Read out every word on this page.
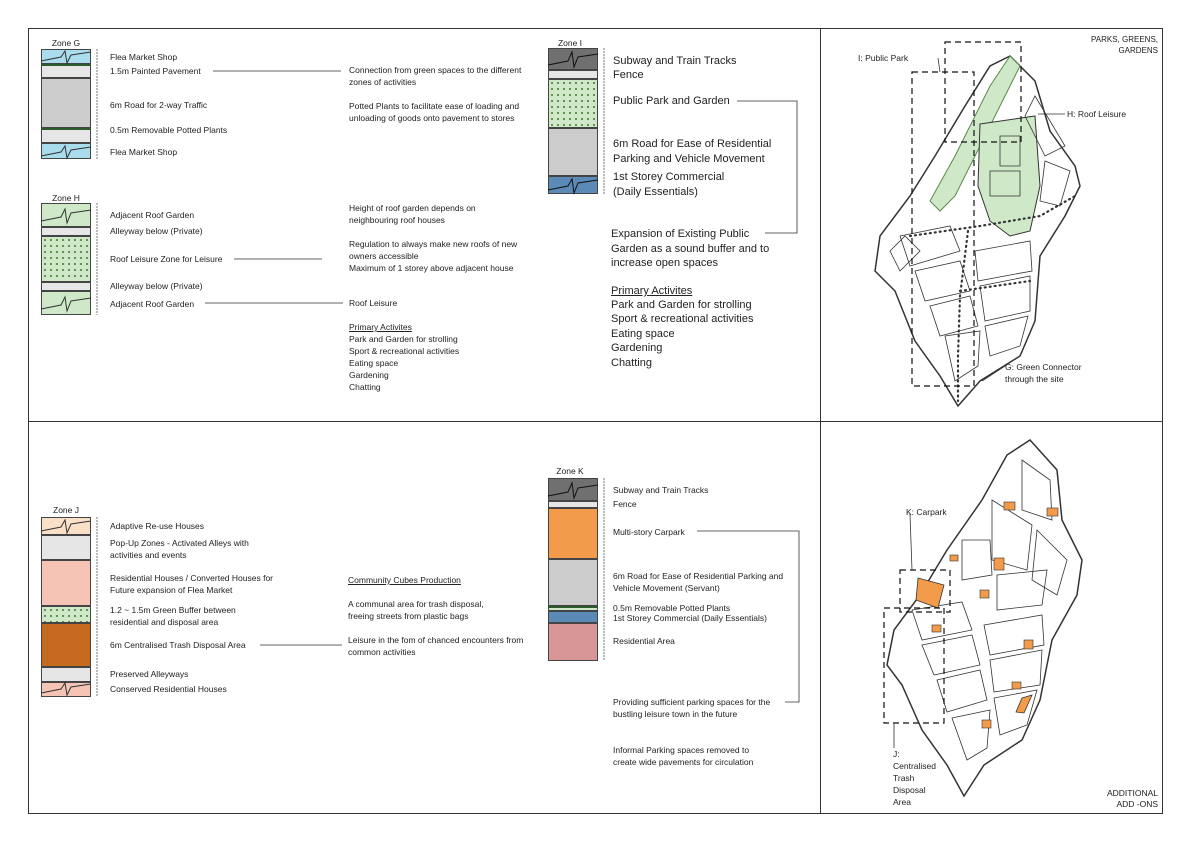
PARKS, GREENS,
GARDENS
ADDITIONAL
ADD -ONS
Zone G
Flea Market Shop
1.5m Painted Pavement
6m Road for 2-way Traffic
0.5m Removable Potted Plants
Flea Market Shop
Connection from green spaces to the different zones of activities
Potted Plants to facilitate ease of loading and unloading of goods onto pavement to stores
Zone H
Adjacent Roof Garden
Alleyway below (Private)
Roof Leisure Zone for Leisure
Alleyway below (Private)
Adjacent Roof Garden
Height of roof garden depends on neighbouring roof houses
Regulation to always make new roofs of new owners accessible
Maximum of 1 storey above adjacent house
Roof Leisure
Primary Activites
Park and Garden for strolling
Sport & recreational activities
Eating space
Gardening
Chatting
Zone I
Subway and Train Tracks
Fence
Public Park and Garden
6m Road for Ease of Residential Parking and Vehicle Movement
1st Storey Commercial (Daily Essentials)
Expansion of Existing Public Garden as a sound buffer and to increase open spaces
Primary Activites
Park and Garden for strolling
Sport & recreational activities
Eating space
Gardening
Chatting
I: Public Park
H: Roof Leisure
G: Green Connector through the site
Zone J
Adaptive Re-use Houses
Pop-Up Zones - Activated Alleys with activities and events
Residential Houses / Converted Houses for Future expansion of Flea Market
1.2 ~ 1.5m Green Buffer between residential and disposal area
6m Centralised Trash Disposal Area
Preserved Alleyways
Conserved Residential Houses
Community Cubes Production
A communal area for trash disposal, freeing streets from plastic bags
Leisure in the fom of chanced encounters from common activities
Zone K
Subway and Train Tracks
Fence
Multi-story Carpark
6m Road for Ease of Residential Parking and Vehicle Movement (Servant)
0.5m Removable Potted Plants
1st Storey Commercial (Daily Essentials)
Residential Area
Providing sufficient parking spaces for the bustling leisure town in the future
Informal Parking spaces removed to create wide pavements for circulation
K: Carpark
J: Centralised Trash Disposal Area
